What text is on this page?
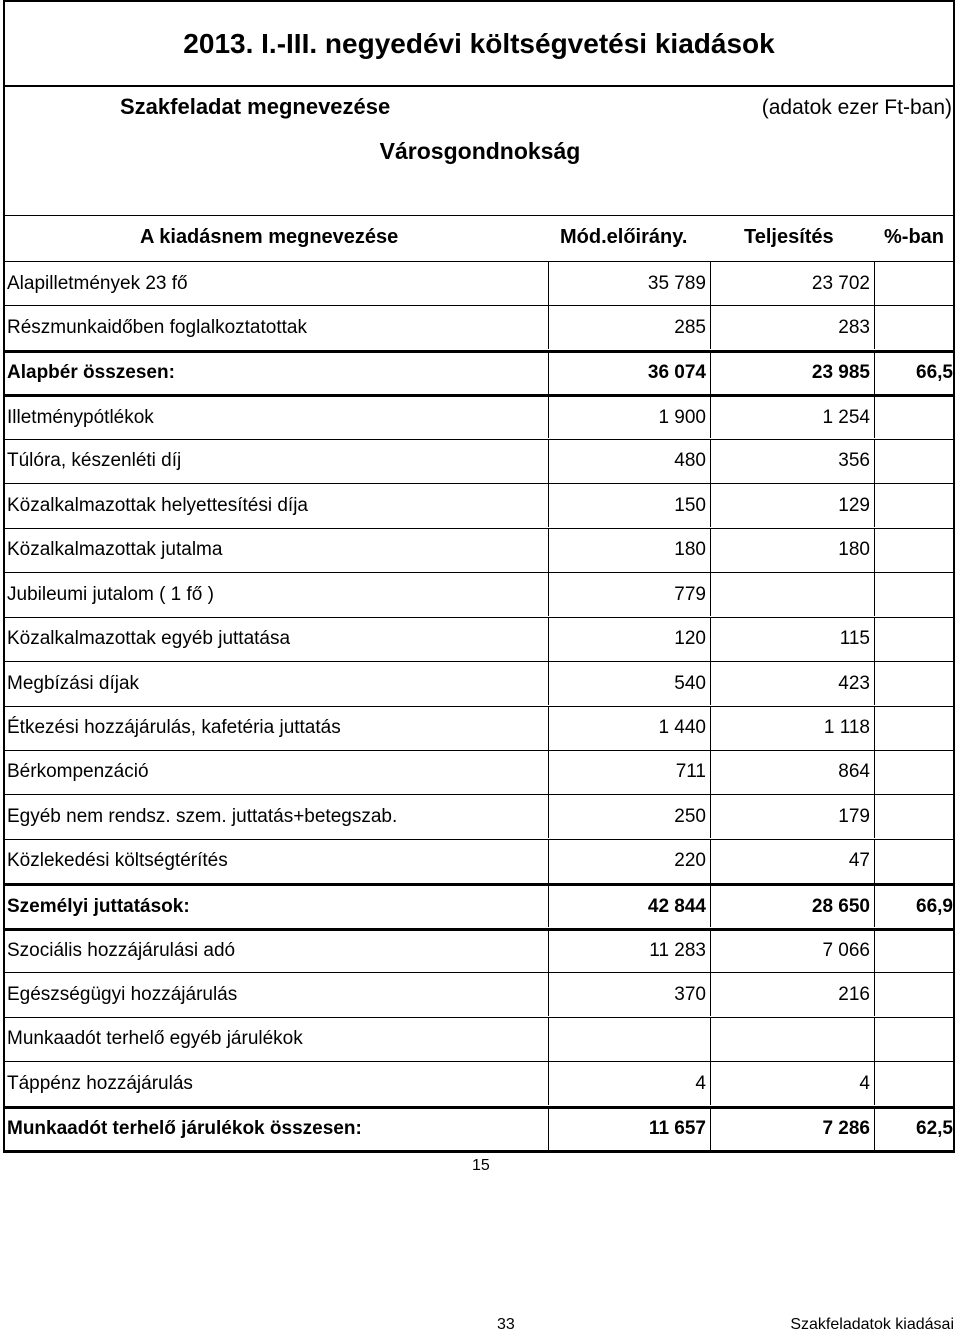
2013. I.-III. negyedévi költségvetési kiadások
Szakfeladat megnevezése	(adatok ezer Ft-ban)
Városgondnokság
A kiadásnem megnevezése	Mód.előirány.	Teljesítés	%-ban
Alapilletmények 23 fő	35 789	23 702
Részmunkaidőben foglalkoztatottak	285	283
Alapbér összesen:	36 074	23 985	66,5
Illetménypótlékok	1 900	1 254
Túlóra, készenléti díj	480	356
Közalkalmazottak helyettesítési díja	150	129
Közalkalmazottak jutalma	180	180
Jubileumi jutalom ( 1 fő )	779
Közalkalmazottak egyéb juttatása	120	115
Megbízási díjak	540	423
Étkezési hozzájárulás, kafetéria juttatás	1 440	1 118
Bérkompenzáció	711	864
Egyéb nem rendsz. szem. juttatás+betegszab.	250	179
Közlekedési költségtérítés	220	47
Személyi juttatások:	42 844	28 650	66,9
Szociális hozzájárulási adó	11 283	7 066
Egészségügyi hozzájárulás	370	216
Munkaadót terhelő egyéb járulékok
Táppénz hozzájárulás	4	4
Munkaadót terhelő járulékok összesen:	11 657	7 286	62,5
15
33	Szakfeladatok kiadásai
